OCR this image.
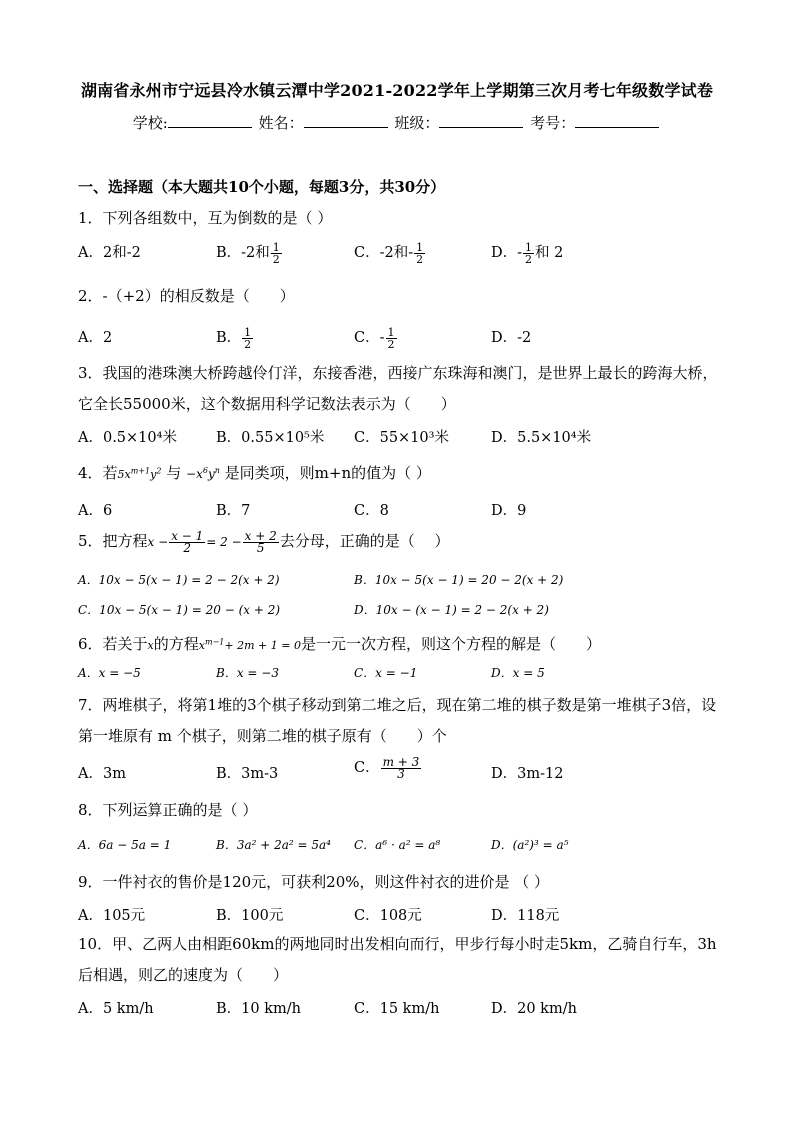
湖南省永州市宁远县冷水镇云潭中学2021-2022学年上学期第三次月考七年级数学试卷
学校:	姓名：	班级：	考号：
一、选择题（本大题共10个小题，每题3分，共30分）
1．下列各组数中，互为倒数的是（ ）
A．2和-2	B．-2和 $\frac{1}{2}$	C．-2和- $\frac{1}{2}$	D．- $\frac{1}{2}$ 和 2
2．-（+2）的相反数是（　　）
A．2	B． $\frac{1}{2}$	C．- $\frac{1}{2}$	D．-2
3．我国的港珠澳大桥跨越伶仃洋，东接香港，西接广东珠海和澳门，是世界上最长的跨海大桥，它全长55000米，这个数据用科学记数法表示为（　　）
A．0.5×10⁴米	B．0.55×10⁵米 C．55×10³米	D．5.5×10⁴米
4．若$5x^{m+1}y^2$ 与 $-x^6y^n$ 是同类项，则m+n的值为（ ）
A．6	B．7	C．8	D．9
5．把方程$x - \frac{x - 1}{2} = 2 - \frac{x + 2}{5}$ 去分母，正确的是（　 ）
A．10x − 5(x − 1) = 2 − 2(x + 2)	B．10x − 5(x − 1) = 20 − 2(x + 2)
C．10x − 5(x − 1) = 20 − (x + 2)	D．10x − (x − 1) = 2 − 2(x + 2)
6．若关于x的方程$x^{m-1}+ 2m + 1 = 0$是一元一次方程，则这个方程的解是（　　）
A．x = −5	B．x = −3	C．x = −1	D．x = 5
7．两堆棋子，将第1堆的3个棋子移动到第二堆之后，现在第二堆的棋子数是第一堆棋子3倍，设第一堆原有 m 个棋子，则第二堆的棋子原有（　　）个
A．3m	B．3m-3	C． $\frac{m + 3}{3}$	D．3m-12
8．下列运算正确的是（ ）
A．6a − 5a = 1	B．3a² + 2a² = 5a⁴ C．a⁶ · a² = a⁸	D．(a²)³ = a⁵
9．一件衬衣的售价是120元，可获利20%，则这件衬衣的进价是 （ ）
A．105元	B．100元	C．108元	D．118元
10．甲、乙两人由相距60km的两地同时出发相向而行，甲步行每小时走5km，乙骑自行车，3h后相遇，则乙的速度为（　　）
A．5 km/h	B．10 km/h	C．15 km/h	D．20 km/h
